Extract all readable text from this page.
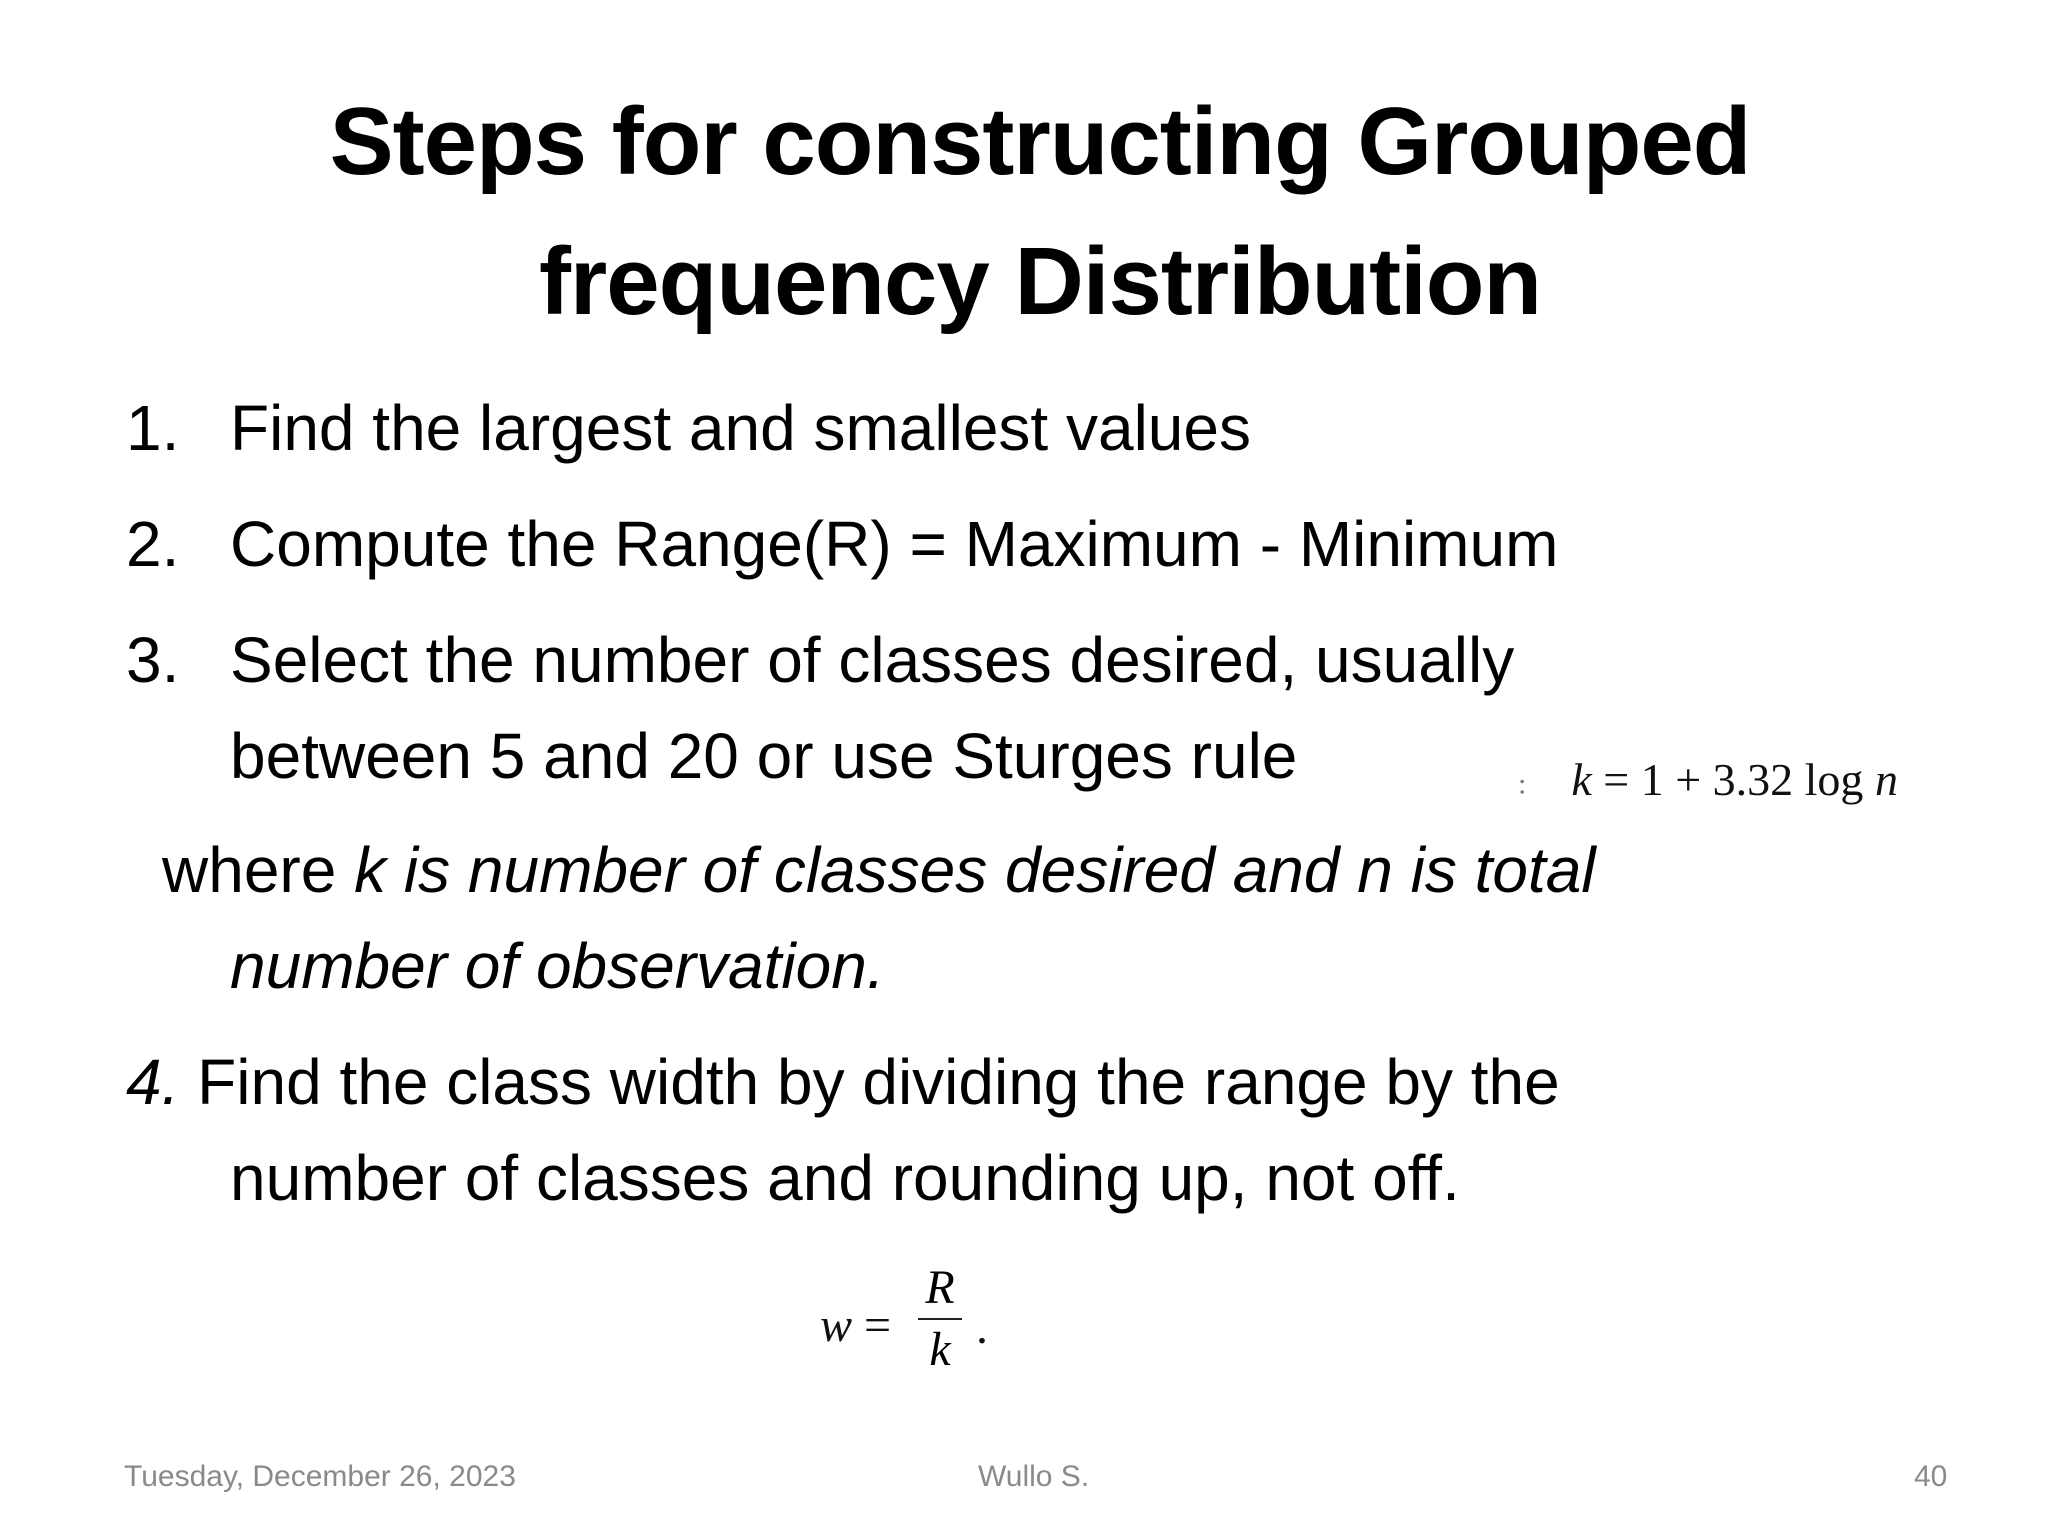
Steps for constructing Grouped frequency Distribution
1. Find the largest and smallest values
2. Compute the Range(R) = Maximum - Minimum
3. Select the number of classes desired, usually
between 5 and 20 or use Sturges rule	: k = 1 + 3.32 log n
where k is number of classes desired and n is total
number of observation.
4. Find the class width by dividing the range by the
number of classes and rounding up, not off.
w =
R
k .
Tuesday, December 26, 2023	Wullo S.	40
